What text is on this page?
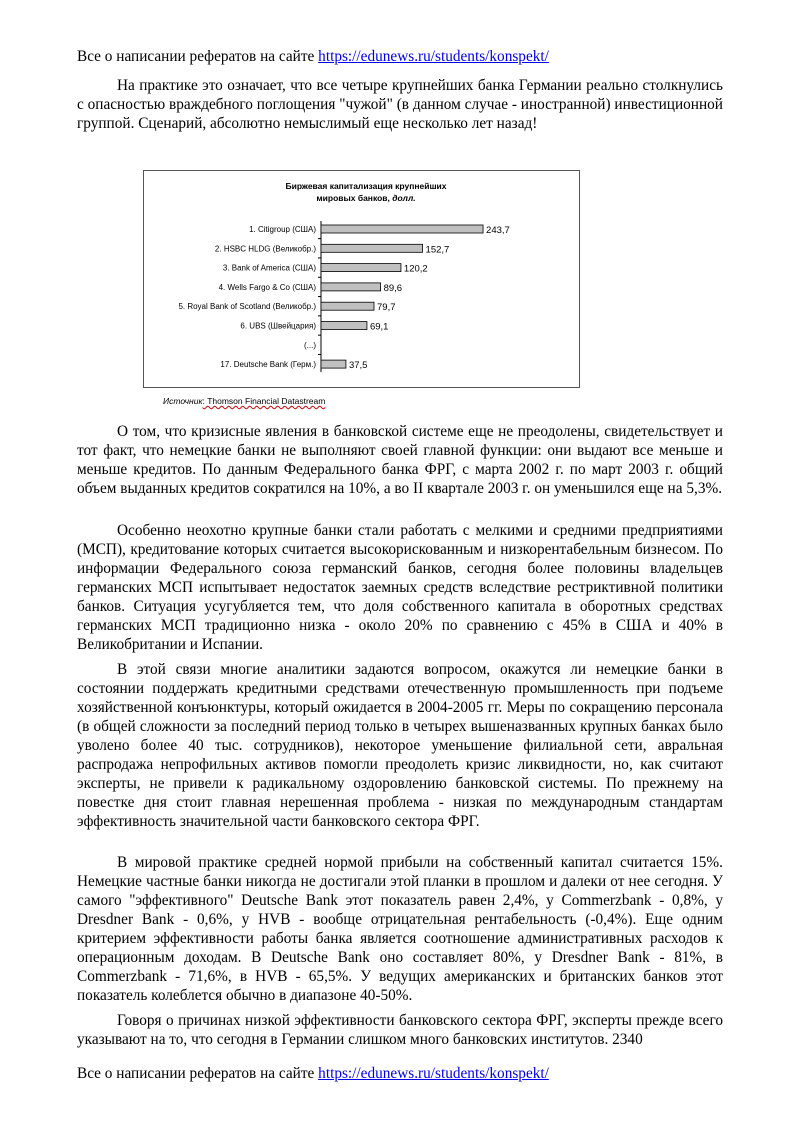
Все о написании рефератов на сайте https://edunews.ru/students/konspekt/

На практике это означает, что все четыре крупнейших банка Германии реально столкнулись с опасностью враждебного поглощения "чужой" (в данном случае - иностранной) инвестиционной группой. Сценарий, абсолютно немыслимый еще несколько лет назад!

Биржевая капитализация крупнейших
мировых банков, долл.
1. Citigroup (США)	243,7
2. HSBC HLDG (Великобр.)	152,7
3. Bank of America (США)	120,2
4. Wells Fargo & Co (США)	89,6
5. Royal Bank of Scotland (Великобр.)	79,7
6. UBS (Швейцария)	69,1
(...)
17. Deutsche Bank (Герм.)	37,5
Источник: Thomson Financial Datastream

О том, что кризисные явления в банковской системе еще не преодолены, свидетельствует и тот факт, что немецкие банки не выполняют своей главной функции: они выдают все меньше и меньше кредитов. По данным Федерального банка ФРГ, с марта 2002 г. по март 2003 г. общий объем выданных кредитов сократился на 10%, а во II квартале 2003 г. он уменьшился еще на 5,3%.

Особенно неохотно крупные банки стали работать с мелкими и средними предприятиями (МСП), кредитование которых считается высокорискованным и низкорентабельным бизнесом. По информации Федерального союза германский банков, сегодня более половины владельцев германских МСП испытывает недостаток заемных средств вследствие рестриктивной политики банков. Ситуация усугубляется тем, что доля собственного капитала в оборотных средствах германских МСП традиционно низка - около 20% по сравнению с 45% в США и 40% в Великобритании и Испании.

В этой связи многие аналитики задаются вопросом, окажутся ли немецкие банки в состоянии поддержать кредитными средствами отечественную промышленность при подъеме хозяйственной конъюнктуры, который ожидается в 2004-2005 гг. Меры по сокращению персонала (в общей сложности за последний период только в четырех вышеназванных крупных банках было уволено более 40 тыс. сотрудников), некоторое уменьшение филиальной сети, авральная распродажа непрофильных активов помогли преодолеть кризис ликвидности, но, как считают эксперты, не привели к радикальному оздоровлению банковской системы. По прежнему на повестке дня стоит главная нерешенная проблема - низкая по международным стандартам эффективность значительной части банковского сектора ФРГ.

В мировой практике средней нормой прибыли на собственный капитал считается 15%. Немецкие частные банки никогда не достигали этой планки в прошлом и далеки от нее сегодня. У самого "эффективного" Deutsche Bank этот показатель равен 2,4%, у Commerzbank - 0,8%, у Dresdner Bank - 0,6%, у HVB - вообще отрицательная рентабельность (-0,4%). Еще одним критерием эффективности работы банка является соотношение административных расходов к операционным доходам. В Deutsche Bank оно составляет 80%, у Dresdner Bank - 81%, в Commerzbank - 71,6%, в HVB - 65,5%. У ведущих американских и британских банков этот показатель колеблется обычно в диапазоне 40-50%.

Говоря о причинах низкой эффективности банковского сектора ФРГ, эксперты прежде всего указывают на то, что сегодня в Германии слишком много банковских институтов. 2340

Все о написании рефератов на сайте https://edunews.ru/students/konspekt/
